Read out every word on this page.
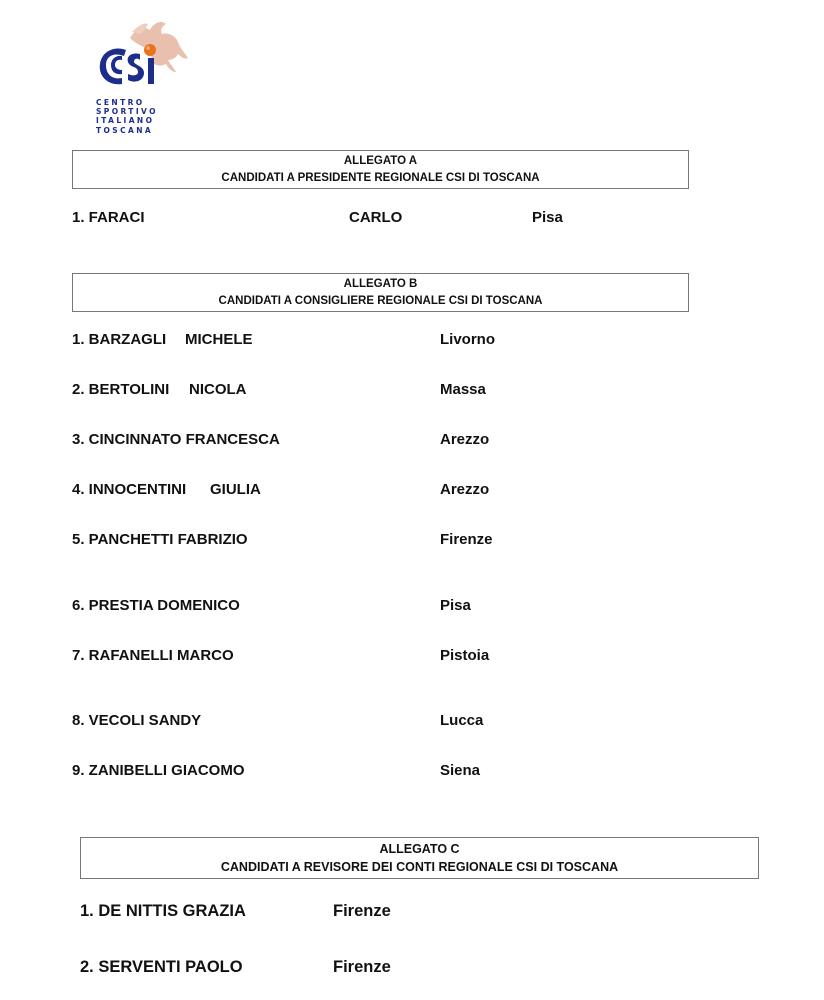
CENTRO
SPORTIVO
ITALIANO
TOSCANA
ALLEGATO A
CANDIDATI A PRESIDENTE REGIONALE CSI DI TOSCANA
1. FARACI	CARLO	Pisa
ALLEGATO B
CANDIDATI A CONSIGLIERE REGIONALE CSI DI TOSCANA
1. BARZAGLI MICHELE	Livorno
2. BERTOLINI NICOLA	Massa
3. CINCINNATO FRANCESCA	Arezzo
4. INNOCENTINI GIULIA	Arezzo
5. PANCHETTI FABRIZIO	Firenze
6. PRESTIA DOMENICO	Pisa
7. RAFANELLI MARCO	Pistoia
8. VECOLI SANDY	Lucca
9. ZANIBELLI GIACOMO	Siena
ALLEGATO C
CANDIDATI A REVISORE DEI CONTI REGIONALE CSI DI TOSCANA
1. DE NITTIS GRAZIA	Firenze
2. SERVENTI PAOLO	Firenze
